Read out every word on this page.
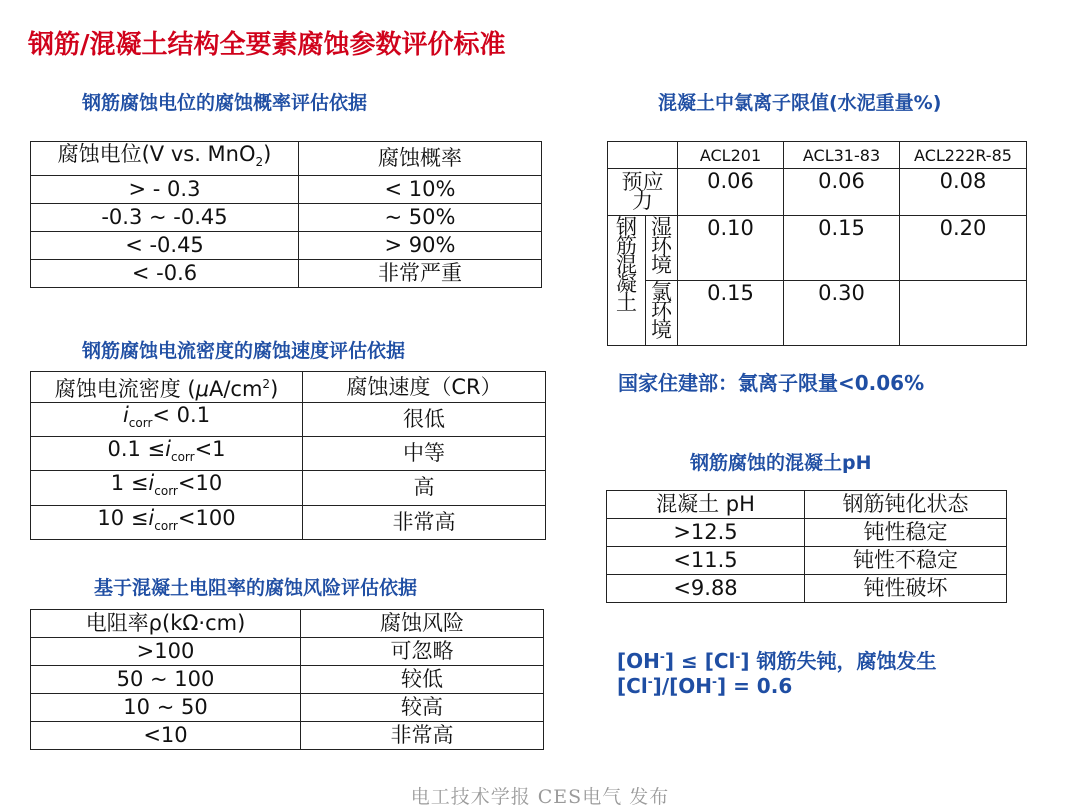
钢筋/混凝土结构全要素腐蚀参数评价标准
钢筋腐蚀电位的腐蚀概率评估依据
腐蚀电位(V vs. MnO$_2$)	腐蚀概率
> - 0.3	< 10%
-0.3 ~ -0.45	~ 50%
< -0.45	> 90%
< -0.6	非常严重
钢筋腐蚀电流密度的腐蚀速度评估依据
腐蚀电流密度 $(\mu A/cm^2)$	腐蚀速度（CR）
$i_{corr}< 0.1$	很低
$0.1 \le i_{corr}<1$	中等
$1 \le i_{corr}<10$	高
$10 \le i_{corr}<100$	非常高
基于混凝土电阻率的腐蚀风险评估依据
电阻率ρ(kΩ·cm)	腐蚀风险
>100	可忽略
50 ~ 100	较低
10 ~ 50	较高
<10	非常高
混凝土中氯离子限值(水泥重量%)
		ACL201	ACL31-83	ACL222R-85
预应力		0.06	0.06	0.08
钢筋混凝土	湿环境	0.10	0.15	0.20
	氯环境	0.15	0.30	
国家住建部：氯离子限量<0.06%
钢筋腐蚀的混凝土pH
混凝土 pH	钢筋钝化状态
>12.5	钝性稳定
<11.5	钝性不稳定
<9.88	钝性破坏
[OH-] ≤ [Cl-] 钢筋失钝，腐蚀发生
[Cl-]/[OH-] = 0.6
电工技术学报 CES电气 发布
